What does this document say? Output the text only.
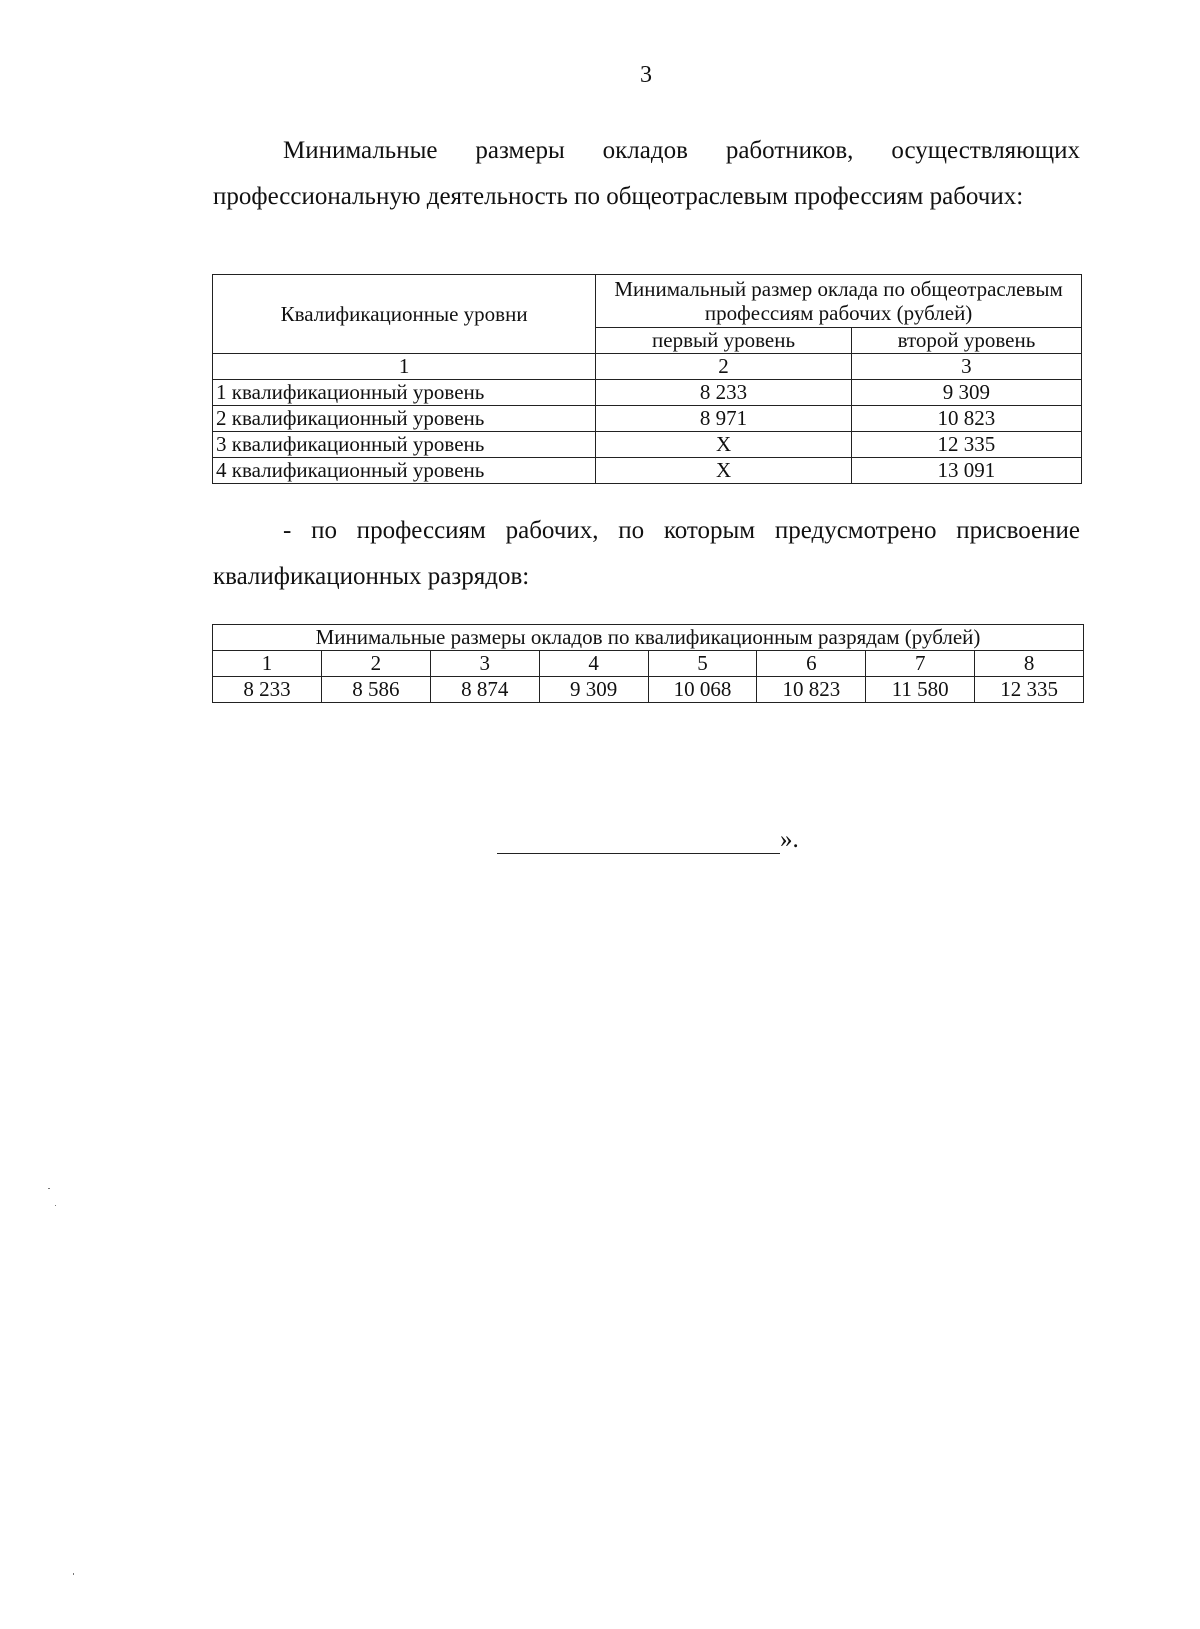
3
Минимальные размеры окладов работников, осуществляющих профессиональную деятельность по общеотраслевым профессиям рабочих:
Квалификационные уровни	Минимальный размер оклада по общеотраслевым профессиям рабочих (рублей)	
	первый уровень	второй уровень
1	2	3
1 квалификационный уровень	8 233	9 309
2 квалификационный уровень	8 971	10 823
3 квалификационный уровень	Х	12 335
4 квалификационный уровень	Х	13 091
- по профессиям рабочих, по которым предусмотрено присвоение квалификационных разрядов:
Минимальные размеры окладов по квалификационным разрядам (рублей)							
1	2	3	4	5	6	7	8
8 233	8 586	8 874	9 309	10 068	10 823	11 580	12 335
».
